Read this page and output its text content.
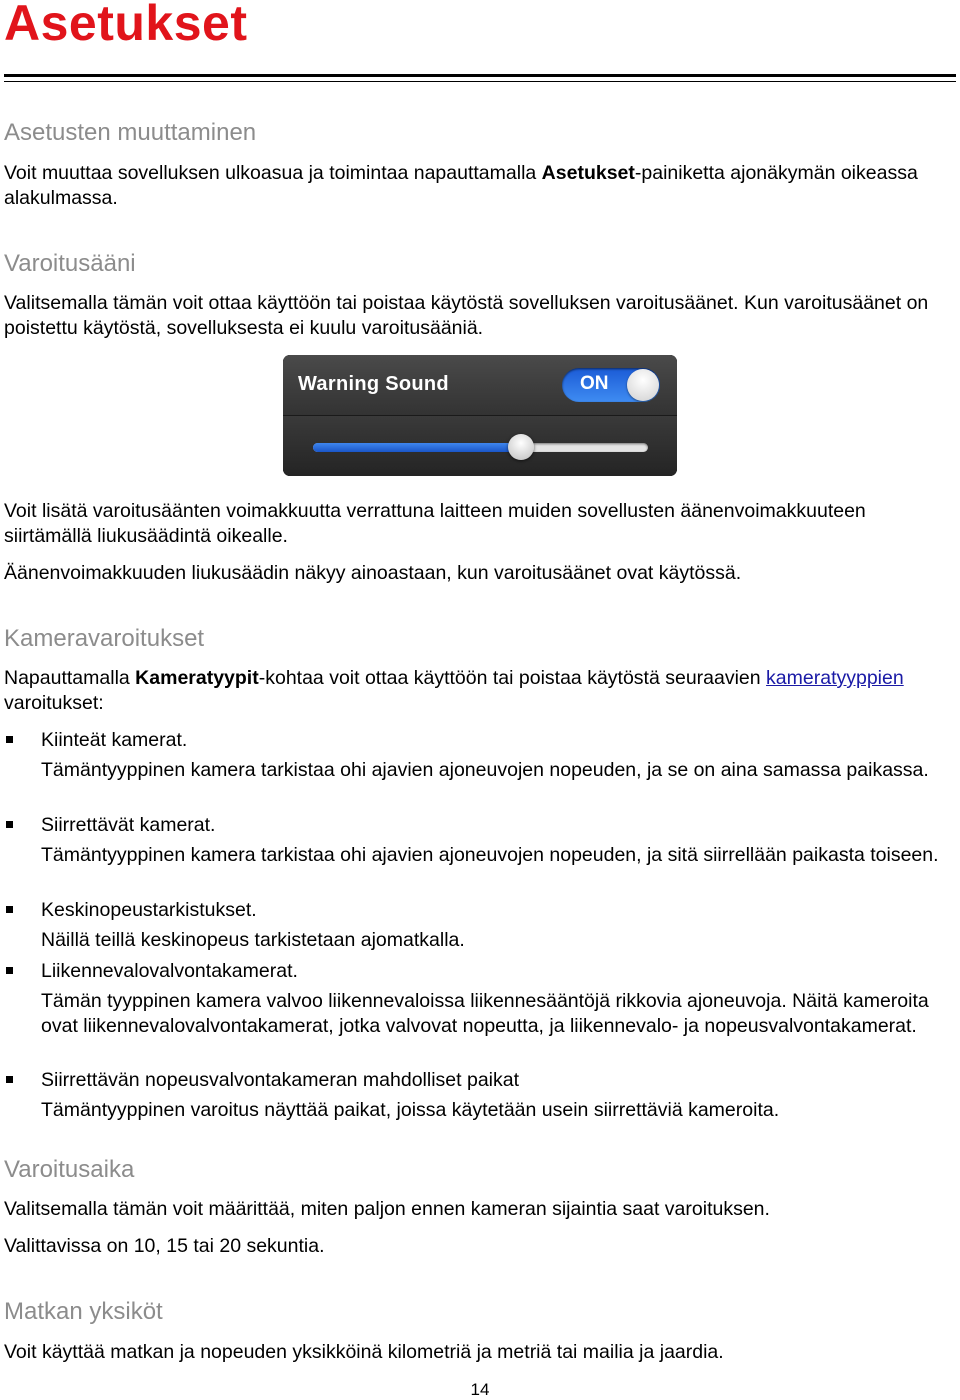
Asetukset
Asetusten muuttaminen

Voit muuttaa sovelluksen ulkoasua ja toimintaa napauttamalla Asetukset-painiketta ajonäkymän oikeassa alakulmassa.

Varoitusääni

Valitsemalla tämän voit ottaa käyttöön tai poistaa käytöstä sovelluksen varoitusäänet. Kun varoitusäänet on poistettu käytöstä, sovelluksesta ei kuulu varoitusääniä.

Warning Sound	ON

Voit lisätä varoitusäänten voimakkuutta verrattuna laitteen muiden sovellusten äänenvoimakkuuteen siirtämällä liukusäädintä oikealle.

Äänenvoimakkuuden liukusäädin näkyy ainoastaan, kun varoitusäänet ovat käytössä.

Kameravaroitukset

Napauttamalla Kameratyypit-kohtaa voit ottaa käyttöön tai poistaa käytöstä seuraavien kameratyyppien varoitukset:

Kiinteät kamerat.

Tämäntyyppinen kamera tarkistaa ohi ajavien ajoneuvojen nopeuden, ja se on aina samassa paikassa.

Siirrettävät kamerat.

Tämäntyyppinen kamera tarkistaa ohi ajavien ajoneuvojen nopeuden, ja sitä siirrellään paikasta toiseen.

Keskinopeustarkistukset.

Näillä teillä keskinopeus tarkistetaan ajomatkalla.

Liikennevalovalvontakamerat.

Tämän tyyppinen kamera valvoo liikennevaloissa liikennesääntöjä rikkovia ajoneuvoja. Näitä kameroita ovat liikennevalovalvontakamerat, jotka valvovat nopeutta, ja liikennevalo- ja nopeusvalvontakamerat.

Siirrettävän nopeusvalvontakameran mahdolliset paikat

Tämäntyyppinen varoitus näyttää paikat, joissa käytetään usein siirrettäviä kameroita.

Varoitusaika

Valitsemalla tämän voit määrittää, miten paljon ennen kameran sijaintia saat varoituksen.

Valittavissa on 10, 15 tai 20 sekuntia.

Matkan yksiköt

Voit käyttää matkan ja nopeuden yksikköinä kilometriä ja metriä tai mailia ja jaardia.

14
